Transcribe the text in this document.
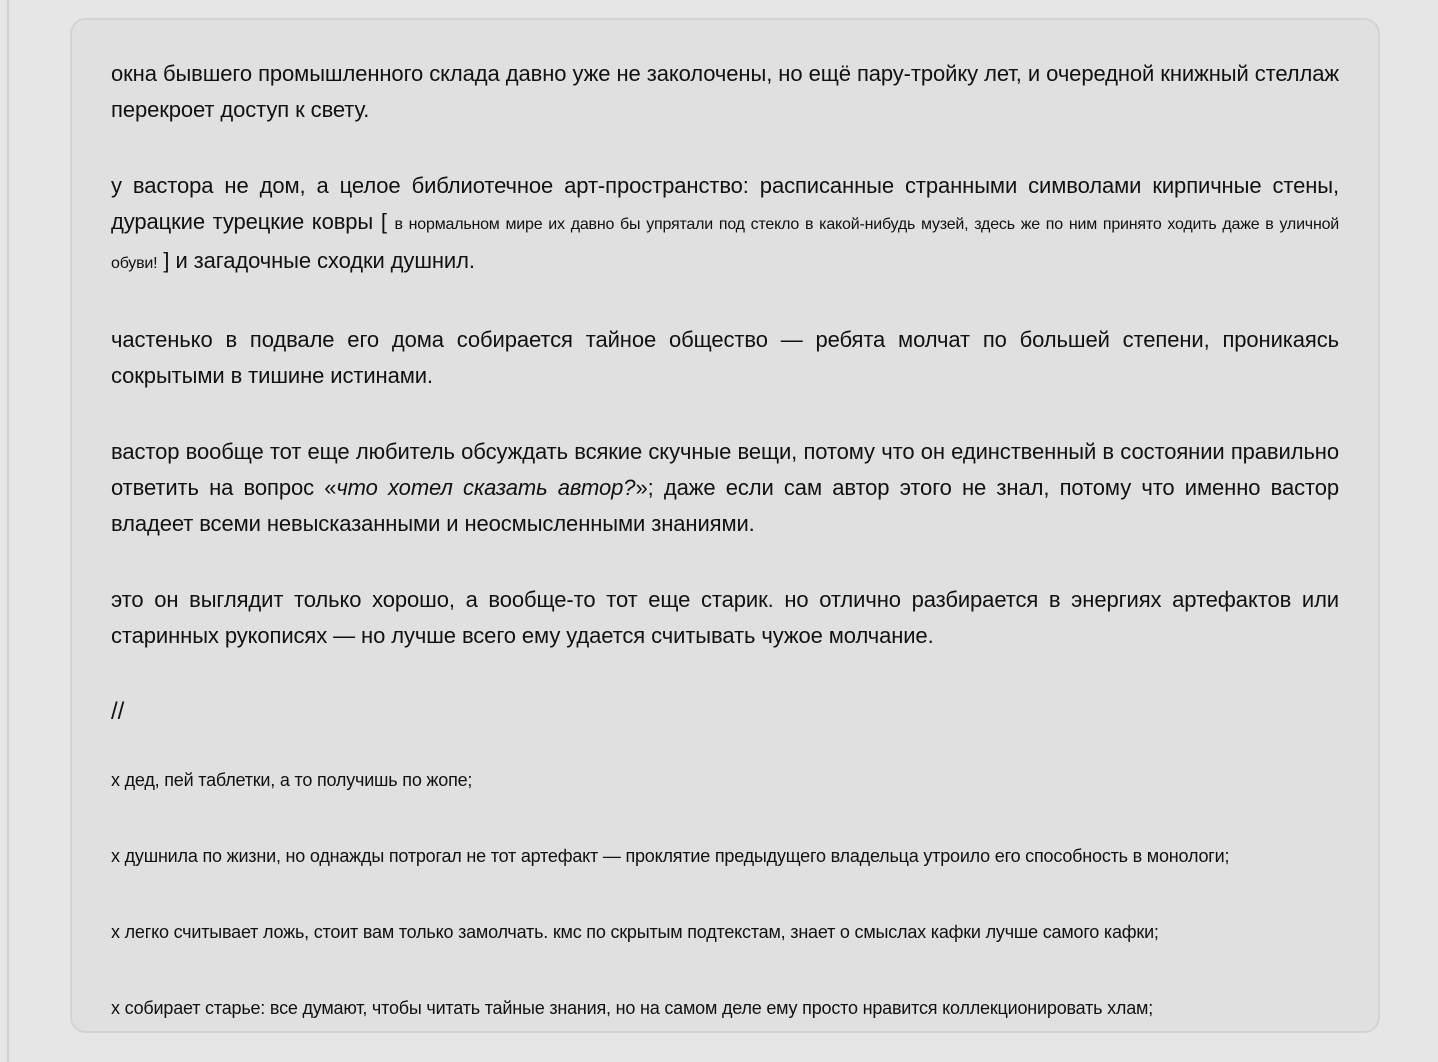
окна бывшего промышленного склада давно уже не заколочены, но ещё пару-тройку лет, и очередной книжный стеллаж перекроет доступ к свету.

у вастора не дом, а целое библиотечное арт-пространство: расписанные странными символами кирпичные стены, дурацкие турецкие ковры [ в нормальном мире их давно бы упрятали под стекло в какой-нибудь музей, здесь же по ним принято ходить даже в уличной обуви! ] и загадочные сходки душнил.

частенько в подвале его дома собирается тайное общество — ребята молчат по большей степени, проникаясь сокрытыми в тишине истинами.

вастор вообще тот еще любитель обсуждать всякие скучные вещи, потому что он единственный в состоянии правильно ответить на вопрос «что хотел сказать автор?»; даже если сам автор этого не знал, потому что именно вастор владеет всеми невысказанными и неосмысленными знаниями.

это он выглядит только хорошо, а вообще-то тот еще старик. но отлично разбирается в энергиях артефактов или старинных рукописях — но лучше всего ему удается считывать чужое молчание.

//

х дед, пей таблетки, а то получишь по жопе;

х душнила по жизни, но однажды потрогал не тот артефакт — проклятие предыдущего владельца утроило его способность в монологи;

х легко считывает ложь, стоит вам только замолчать. кмс по скрытым подтекстам, знает о смыслах кафки лучше самого кафки;

х собирает старье: все думают, чтобы читать тайные знания, но на самом деле ему просто нравится коллекционировать хлам;
